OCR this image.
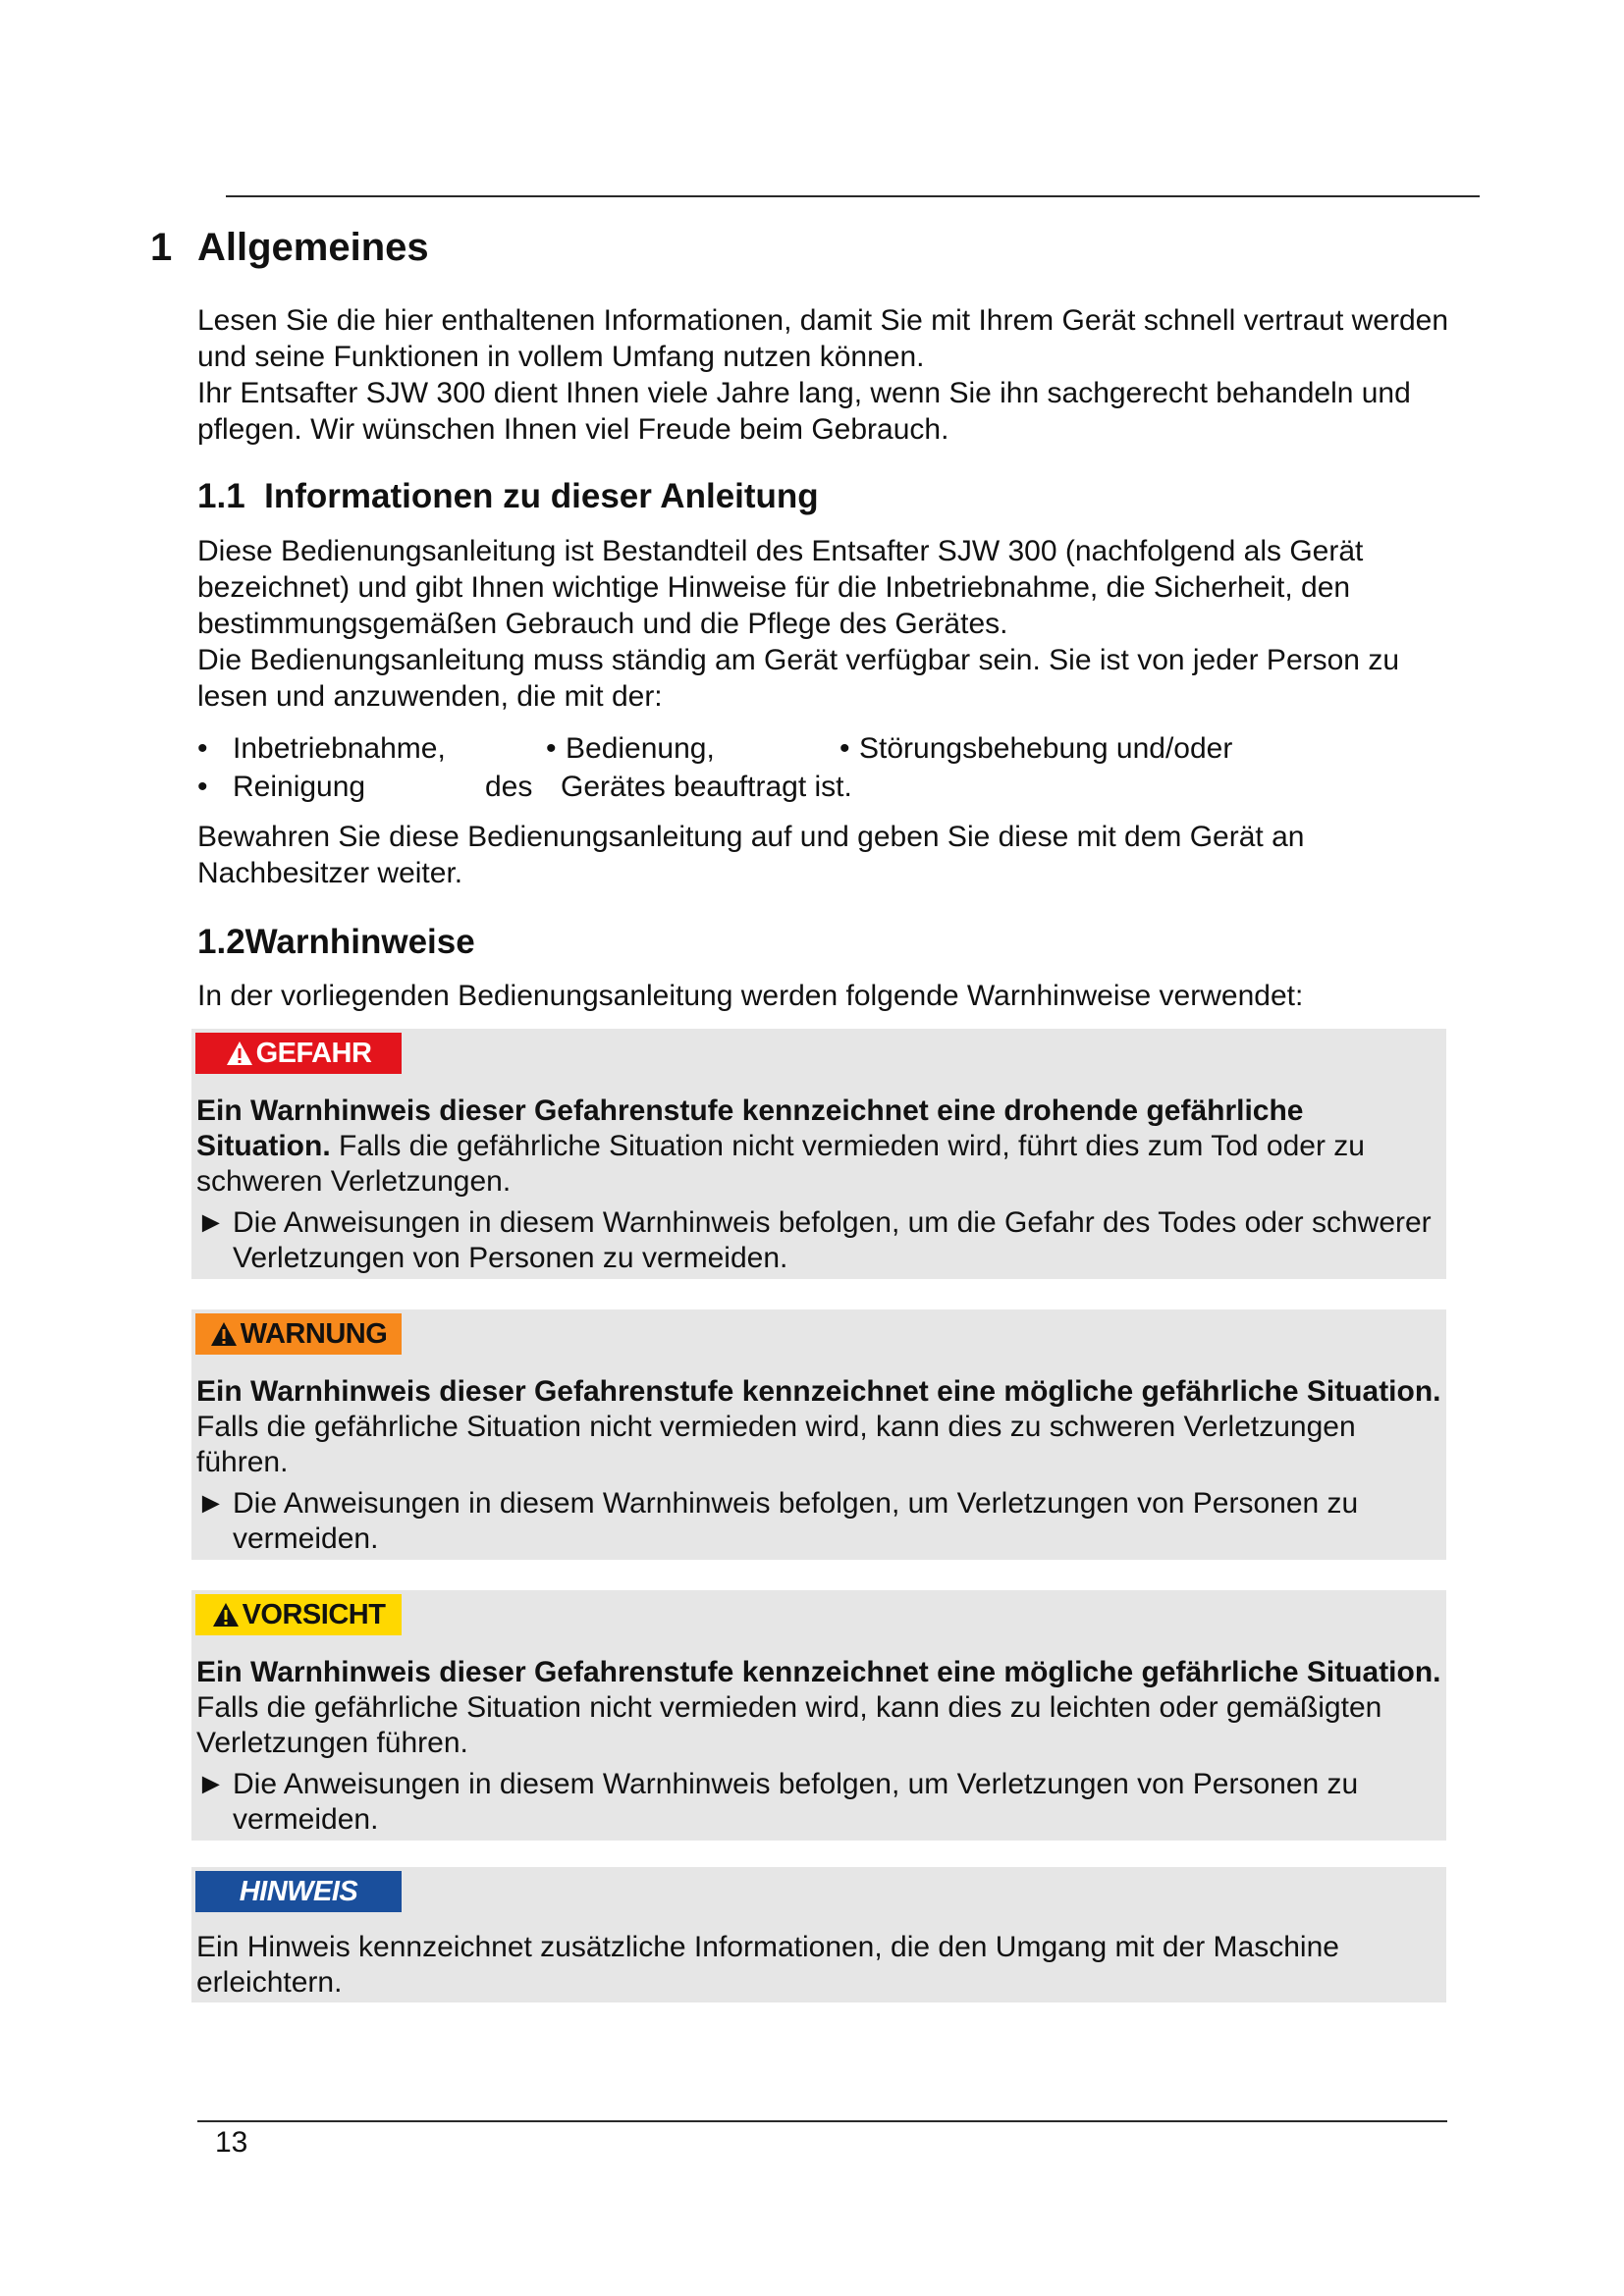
1 Allgemeines

Lesen Sie die hier enthaltenen Informationen, damit Sie mit Ihrem Gerät schnell vertraut werden und seine Funktionen in vollem Umfang nutzen können.

Ihr Entsafter SJW 300 dient Ihnen viele Jahre lang, wenn Sie ihn sachgerecht behandeln und pflegen. Wir wünschen Ihnen viel Freude beim Gebrauch.

1.1 Informationen zu dieser Anleitung

Diese Bedienungsanleitung ist Bestandteil des Entsafter SJW 300 (nachfolgend als Gerät bezeichnet) und gibt Ihnen wichtige Hinweise für die Inbetriebnahme, die Sicherheit, den bestimmungsgemäßen Gebrauch und die Pflege des Gerätes.

Die Bedienungsanleitung muss ständig am Gerät verfügbar sein. Sie ist von jeder Person zu lesen und anzuwenden, die mit der:

• Inbetriebnahme,	• Bedienung,	• Störungsbehebung und/oder
• Reinigung	des Gerätes beauftragt ist.
Bewahren Sie diese Bedienungsanleitung auf und geben Sie diese mit dem Gerät an Nachbesitzer weiter.
1.2Warnhinweise
In der vorliegenden Bedienungsanleitung werden folgende Warnhinweise verwendet:
GEFAHR
Ein Warnhinweis dieser Gefahrenstufe kennzeichnet eine drohende gefährliche Situation. Falls die gefährliche Situation nicht vermieden wird, führt dies zum Tod oder zu schweren Verletzungen.
► Die Anweisungen in diesem Warnhinweis befolgen, um die Gefahr des Todes oder schwerer Verletzungen von Personen zu vermeiden.
WARNUNG
Ein Warnhinweis dieser Gefahrenstufe kennzeichnet eine mögliche gefährliche Situation. Falls die gefährliche Situation nicht vermieden wird, kann dies zu schweren Verletzungen führen.
► Die Anweisungen in diesem Warnhinweis befolgen, um Verletzungen von Personen zu vermeiden.
VORSICHT
Ein Warnhinweis dieser Gefahrenstufe kennzeichnet eine mögliche gefährliche Situation. Falls die gefährliche Situation nicht vermieden wird, kann dies zu leichten oder gemäßigten Verletzungen führen.
► Die Anweisungen in diesem Warnhinweis befolgen, um Verletzungen von Personen zu vermeiden.
HINWEIS
Ein Hinweis kennzeichnet zusätzliche Informationen, die den Umgang mit der Maschine erleichtern.
13
